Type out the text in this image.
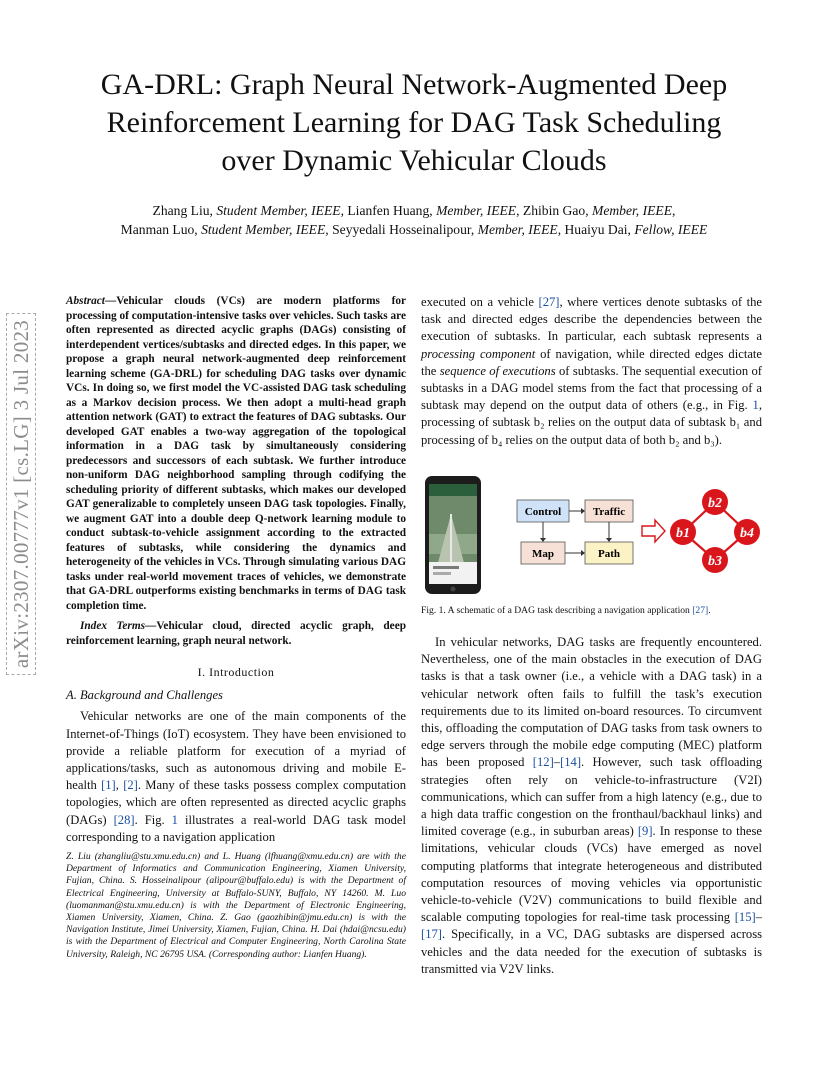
arXiv:2307.00777v1 [cs.LG] 3 Jul 2023
GA-DRL: Graph Neural Network-Augmented Deep
Reinforcement Learning for DAG Task Scheduling
over Dynamic Vehicular Clouds
Zhang Liu, Student Member, IEEE, Lianfen Huang, Member, IEEE, Zhibin Gao, Member, IEEE,
Manman Luo, Student Member, IEEE, Seyyedali Hosseinalipour, Member, IEEE, Huaiyu Dai, Fellow, IEEE

Abstract—Vehicular clouds (VCs) are modern platforms for processing of computation-intensive tasks over vehicles. Such tasks are often represented as directed acyclic graphs (DAGs) consisting of interdependent vertices/subtasks and directed edges. In this paper, we propose a graph neural network-augmented deep reinforcement learning scheme (GA-DRL) for scheduling DAG tasks over dynamic VCs. In doing so, we first model the VC-assisted DAG task scheduling as a Markov decision process. We then adopt a multi-head graph attention network (GAT) to extract the features of DAG subtasks. Our developed GAT enables a two-way aggregation of the topological information in a DAG task by simultaneously considering predecessors and successors of each subtask. We further introduce non-uniform DAG neighborhood sampling through codifying the scheduling priority of different subtasks, which makes our developed GAT generalizable to completely unseen DAG task topologies. Finally, we augment GAT into a double deep Q-network learning module to conduct subtask-to-vehicle assignment according to the extracted features of subtasks, while considering the dynamics and heterogeneity of the vehicles in VCs. Through simulating various DAG tasks under real-world movement traces of vehicles, we demonstrate that GA-DRL outperforms existing benchmarks in terms of DAG task completion time.

Index Terms—Vehicular cloud, directed acyclic graph, deep reinforcement learning, graph neural network.

I. Introduction
A. Background and Challenges

Vehicular networks are one of the main components of the Internet-of-Things (IoT) ecosystem. They have been envisioned to provide a reliable platform for execution of a myriad of applications/tasks, such as autonomous driving and mobile E-health [1], [2]. Many of these tasks possess complex computation topologies, which are often represented as directed acyclic graphs (DAGs) [28]. Fig. 1 illustrates a real-world DAG task model corresponding to a navigation application

Z. Liu (zhangliu@stu.xmu.edu.cn) and L. Huang (lfhuang@xmu.edu.cn) are with the Department of Informatics and Communication Engineering, Xiamen University, Fujian, China. S. Hosseinalipour (alipour@buffalo.edu) is with the Department of Electrical Engineering, University at Buffalo-SUNY, Buffalo, NY 14260. M. Luo (luomanman@stu.xmu.edu.cn) is with the Department of Electronic Engineering, Xiamen University, Xiamen, China. Z. Gao (gaozhibin@jmu.edu.cn) is with the Navigation Institute, Jimei University, Xiamen, Fujian, China. H. Dai (hdai@ncsu.edu) is with the Department of Electrical and Computer Engineering, North Carolina State University, Raleigh, NC 26795 USA. (Corresponding author: Lianfen Huang).

executed on a vehicle [27], where vertices denote subtasks of the task and directed edges describe the dependencies between the execution of subtasks. In particular, each subtask represents a processing component of navigation, while directed edges dictate the sequence of executions of subtasks. The sequential execution of subtasks in a DAG model stems from the fact that processing of a subtask may depend on the output data of others (e.g., in Fig. 1, processing of subtask b₂ relies on the output data of subtask b₁ and processing of b₄ relies on the output data of both b₂ and b₃).

Control	Traffic
Map	Path
b1
b2
b3
b4
Fig. 1. A schematic of a DAG task describing a navigation application [27].

In vehicular networks, DAG tasks are frequently encountered. Nevertheless, one of the main obstacles in the execution of DAG tasks is that a task owner (i.e., a vehicle with a DAG task) in a vehicular network often fails to fulfill the task’s execution requirements due to its limited on-board resources. To circumvent this, offloading the computation of DAG tasks from task owners to edge servers through the mobile edge computing (MEC) platform has been proposed [12]–[14]. However, such task offloading strategies often rely on vehicle-to-infrastructure (V2I) communications, which can suffer from a high latency (e.g., due to a high data traffic congestion on the fronthaul/backhaul links) and limited coverage (e.g., in suburban areas) [9]. In response to these limitations, vehicular clouds (VCs) have emerged as novel computing platforms that integrate heterogeneous and distributed computation resources of moving vehicles via opportunistic vehicle-to-vehicle (V2V) communications to build flexible and scalable computing topologies for real-time task processing [15]–[17]. Specifically, in a VC, DAG subtasks are dispersed across vehicles and the data needed for the execution of subtasks is transmitted via V2V links.
